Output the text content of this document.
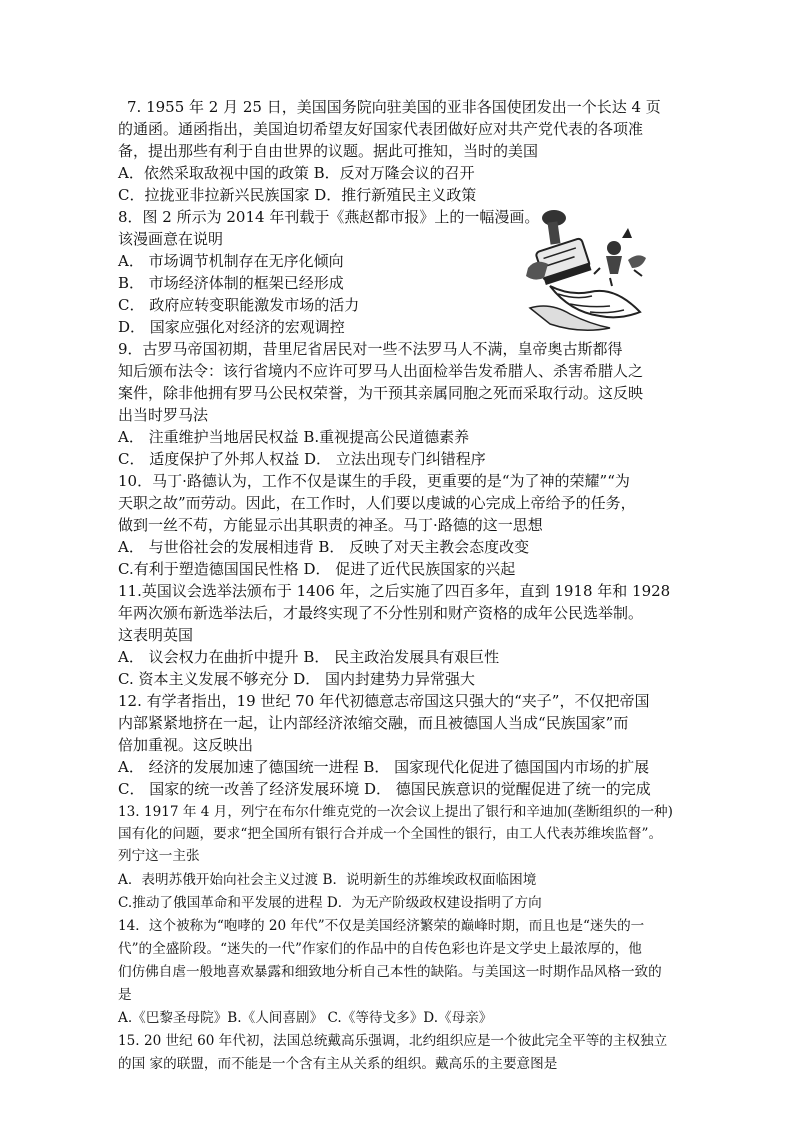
7. 1955 年 2 月 25 日，美国国务院向驻美国的亚非各国使团发出一个长达 4 页
的通函。通函指出，美国迫切希望友好国家代表团做好应对共产党代表的各项准
备，提出那些有利于自由世界的议题。据此可推知，当时的美国
A．依然采取敌视中国的政策 B．反对万隆会议的召开
C．拉拢亚非拉新兴民族国家 D．推行新殖民主义政策
8．图 2 所示为 2014 年刊载于《燕赵都市报》上的一幅漫画。
该漫画意在说明
A． 市场调节机制存在无序化倾向
B． 市场经济体制的框架已经形成
C． 政府应转变职能激发市场的活力
D． 国家应强化对经济的宏观调控
9．古罗马帝国初期，昔里尼省居民对一些不法罗马人不满，皇帝奥古斯都得
知后颁布法令：该行省境内不应许可罗马人出面检举告发希腊人、杀害希腊人之
案件，除非他拥有罗马公民权荣誉，为干预其亲属同胞之死而采取行动。这反映
出当时罗马法
A． 注重维护当地居民权益 B.重视提高公民道德素养
C． 适度保护了外邦人权益 D． 立法出现专门纠错程序
10．马丁·路德认为，工作不仅是谋生的手段，更重要的是“为了神的荣耀”“为
天职之故”而劳动。因此，在工作时，人们要以虔诚的心完成上帝给予的任务，
做到一丝不苟，方能显示出其职责的神圣。马丁·路德的这一思想
A． 与世俗社会的发展相违背 B． 反映了对天主教会态度改变
C.有利于塑造德国国民性格 D． 促进了近代民族国家的兴起
11.英国议会选举法颁布于 1406 年，之后实施了四百多年，直到 1918 年和 1928
年两次颁布新选举法后，才最终实现了不分性别和财产资格的成年公民选举制。
这表明英国
A． 议会权力在曲折中提升 B． 民主政治发展具有艰巨性
C. 资本主义发展不够充分 D． 国内封建势力异常强大
12. 有学者指出，19 世纪 70 年代初德意志帝国这只强大的“夹子”，不仅把帝国
内部紧紧地挤在一起，让内部经济浓缩交融，而且被德国人当成“民族国家”而
倍加重视。这反映出
A． 经济的发展加速了德国统一进程 B． 国家现代化促进了德国国内市场的扩展
C． 国家的统一改善了经济发展环境 D． 德国民族意识的觉醒促进了统一的完成
13. 1917 年 4 月，列宁在布尔什维克党的一次会议上提出了银行和辛迪加(垄断组织的一种)
国有化的问题，要求“把全国所有银行合并成一个全国性的银行，由工人代表苏维埃监督”。
列宁这一主张
A．表明苏俄开始向社会主义过渡 B．说明新生的苏维埃政权面临困境
C.推动了俄国革命和平发展的进程 D．为无产阶级政权建设指明了方向
14．这个被称为“咆哮的 20 年代”不仅是美国经济繁荣的巅峰时期，而且也是“迷失的一
代”的全盛阶段。“迷失的一代”作家们的作品中的自传色彩也许是文学史上最浓厚的，他
们仿佛自虐一般地喜欢暴露和细致地分析自己本性的缺陷。与美国这一时期作品风格一致的
是
A.《巴黎圣母院》B.《人间喜剧》 C.《等待戈多》D.《母亲》
15. 20 世纪 60 年代初，法国总统戴高乐强调，北约组织应是一个彼此完全平等的主权独立
的国 家的联盟，而不能是一个含有主从关系的组织。戴高乐的主要意图是
